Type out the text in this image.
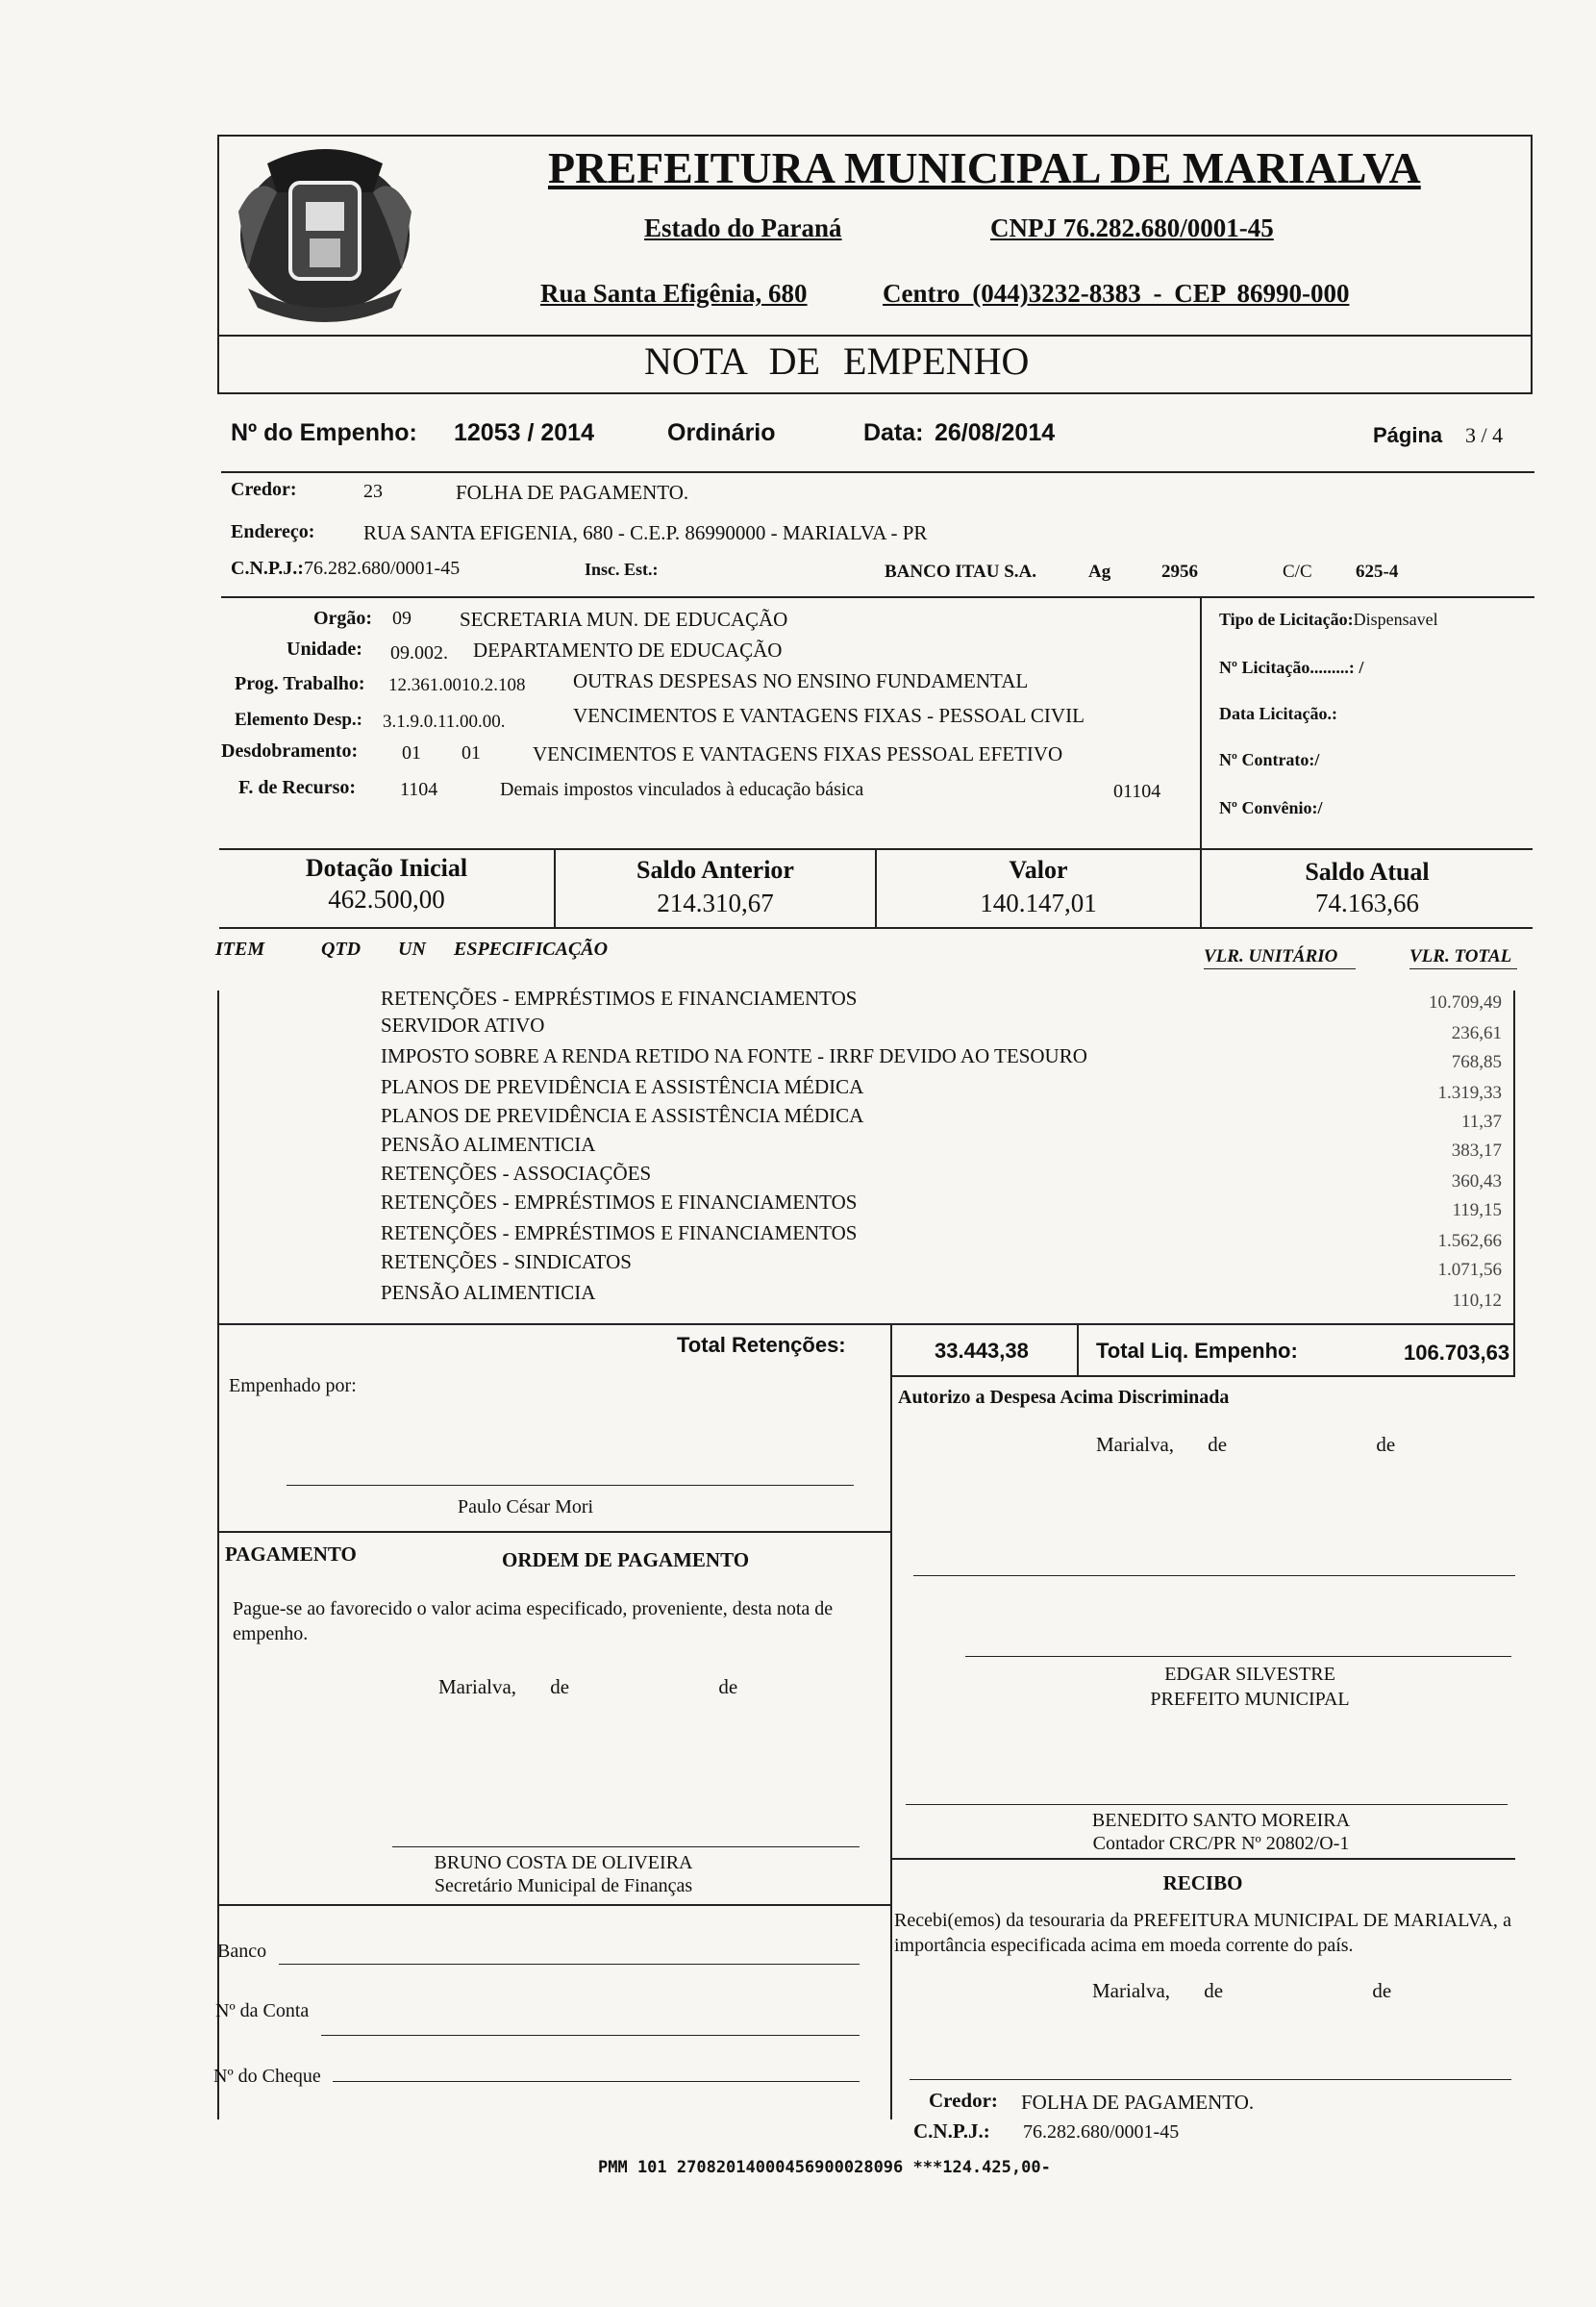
PREFEITURA MUNICIPAL DE MARIALVA
Estado do Paraná	CNPJ 76.282.680/0001-45
Rua Santa Efigênia, 680	Centro (044)3232-8383 - CEP 86990-000
NOTA DE EMPENHO
Nº do Empenho: 12053 / 2014	Ordinário	Data: 26/08/2014	Página 3 / 4
Credor:	23	FOLHA DE PAGAMENTO.
Endereço: RUA SANTA EFIGENIA, 680 - C.E.P. 86990000 - MARIALVA - PR
C.N.P.J.: 76.282.680/0001-45	Insc. Est.:	BANCO ITAU S.A.	Ag	2956	C/C 625-4
Orgão: 09 SECRETARIA MUN. DE EDUCAÇÃO
Unidade: 09.002. DEPARTAMENTO DE EDUCAÇÃO
Prog. Trabalho: 12.361.0010.2.108 OUTRAS DESPESAS NO ENSINO FUNDAMENTAL
Elemento Desp.: 3.1.9.0.11.00.00.	VENCIMENTOS E VANTAGENS FIXAS - PESSOAL CIVIL
Desdobramento: 01 01	VENCIMENTOS E VANTAGENS FIXAS PESSOAL EFETIVO
F. de Recurso: 1104	Demais impostos vinculados à educação básica	01104
Tipo de Licitação:Dispensavel
Nº Licitação.........: /
Data Licitação.:
Nº Contrato:/
Nº Convênio:/
Dotação Inicial
462.500,00
Saldo Anterior
214.310,67
Valor
140.147,01
Saldo Atual
74.163,66
ITEM	QTD UN ESPECIFICAÇÃO	VLR. UNITÁRIO	VLR. TOTAL
RETENÇÕES - EMPRÉSTIMOS E FINANCIAMENTOS	10.709,49
SERVIDOR ATIVO	236,61
IMPOSTO SOBRE A RENDA RETIDO NA FONTE - IRRF DEVIDO AO TESOURO	768,85
PLANOS DE PREVIDÊNCIA E ASSISTÊNCIA MÉDICA	1.319,33
PLANOS DE PREVIDÊNCIA E ASSISTÊNCIA MÉDICA	11,37
PENSÃO ALIMENTICIA	383,17
RETENÇÕES - ASSOCIAÇÕES	360,43
RETENÇÕES - EMPRÉSTIMOS E FINANCIAMENTOS	119,15
RETENÇÕES - EMPRÉSTIMOS E FINANCIAMENTOS	1.562,66
RETENÇÕES - SINDICATOS	1.071,56
PENSÃO ALIMENTICIA	110,12
Total Retenções:	33.443,38	Total Liq. Empenho:	106.703,63
Empenhado por:
Autorizo a Despesa Acima Discriminada
Marialva, de	de
Paulo César Mori
PAGAMENTO	ORDEM DE PAGAMENTO
Pague-se ao favorecido o valor acima especificado, proveniente, desta nota de empenho.
Marialva, de	de
EDGAR SILVESTRE
PREFEITO MUNICIPAL
BENEDITO SANTO MOREIRA
Contador CRC/PR Nº 20802/O-1
BRUNO COSTA DE OLIVEIRA
Secretário Municipal de Finanças	RECIBO
Recebi(emos) da tesouraria da PREFEITURA MUNICIPAL DE MARIALVA, a importância especificada acima em moeda corrente do país.
Marialva, de	de
Banco
Nº da Conta
Nº do Cheque
Credor: FOLHA DE PAGAMENTO.
C.N.P.J.: 76.282.680/0001-45
PMM 101 27082014000456900028096 ***124.425,00-
